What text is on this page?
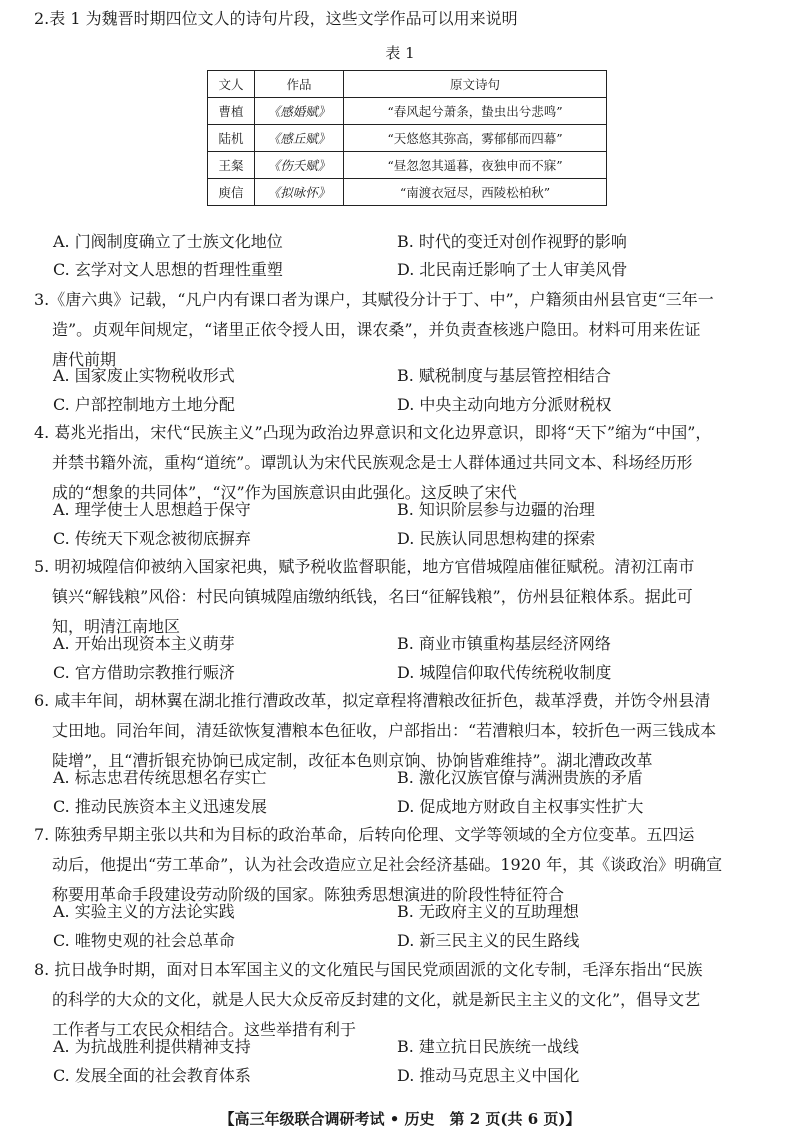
2.表 1 为魏晋时期四位文人的诗句片段，这些文学作品可以用来说明
表 1
文人	作品	原文诗句
曹植	《感婚赋》	“春风起兮萧条，蛰虫出兮悲鸣”
陆机	《感丘赋》	“天悠悠其弥高，雾郁郁而四幕”
王粲	《伤夭赋》	“昼忽忽其遥暮，夜独申而不寐”
庾信	《拟咏怀》	“南渡衣冠尽，西陵松柏秋”
A. 门阀制度确立了士族文化地位	B. 时代的变迁对创作视野的影响
C. 玄学对文人思想的哲理性重塑	D. 北民南迁影响了士人审美风骨
3.《唐六典》记载，“凡户内有课口者为课户，其赋役分计于丁、中”，户籍须由州县官吏“三年一
造”。贞观年间规定，“诸里正依令授人田，课农桑”，并负责查核逃户隐田。材料可用来佐证
唐代前期
A. 国家废止实物税收形式	B. 赋税制度与基层管控相结合
C. 户部控制地方土地分配	D. 中央主动向地方分派财税权
4. 葛兆光指出，宋代“民族主义”凸现为政治边界意识和文化边界意识，即将“天下”缩为“中国”，
并禁书籍外流，重构“道统”。谭凯认为宋代民族观念是士人群体通过共同文本、科场经历形
成的“想象的共同体”，“汉”作为国族意识由此强化。这反映了宋代
A. 理学使士人思想趋于保守	B. 知识阶层参与边疆的治理
C. 传统天下观念被彻底摒弃	D. 民族认同思想构建的探索
5. 明初城隍信仰被纳入国家祀典，赋予税收监督职能，地方官借城隍庙催征赋税。清初江南市
镇兴“解钱粮”风俗：村民向镇城隍庙缴纳纸钱，名曰“征解钱粮”，仿州县征粮体系。据此可
知，明清江南地区
A. 开始出现资本主义萌芽	B. 商业市镇重构基层经济网络
C. 官方借助宗教推行赈济	D. 城隍信仰取代传统税收制度
6. 咸丰年间，胡林翼在湖北推行漕政改革，拟定章程将漕粮改征折色，裁革浮费，并饬令州县清
丈田地。同治年间，清廷欲恢复漕粮本色征收，户部指出：“若漕粮归本，较折色一两三钱成本
陡增”，且“漕折银充协饷已成定制，改征本色则京饷、协饷皆难维持”。湖北漕政改革
A. 标志忠君传统思想名存实亡	B. 激化汉族官僚与满洲贵族的矛盾
C. 推动民族资本主义迅速发展	D. 促成地方财政自主权事实性扩大
7. 陈独秀早期主张以共和为目标的政治革命，后转向伦理、文学等领域的全方位变革。五四运
动后，他提出“劳工革命”，认为社会改造应立足社会经济基础。1920 年，其《谈政治》明确宣
称要用革命手段建设劳动阶级的国家。陈独秀思想演进的阶段性特征符合
A. 实验主义的方法论实践	B. 无政府主义的互助理想
C. 唯物史观的社会总革命	D. 新三民主义的民生路线
8. 抗日战争时期，面对日本军国主义的文化殖民与国民党顽固派的文化专制，毛泽东指出“民族
的科学的大众的文化，就是人民大众反帝反封建的文化，就是新民主主义的文化”，倡导文艺
工作者与工农民众相结合。这些举措有利于
A. 为抗战胜利提供精神支持	B. 建立抗日民族统一战线
C. 发展全面的社会教育体系	D. 推动马克思主义中国化
【高三年级联合调研考试 • 历史　第 2 页(共 6 页)】
